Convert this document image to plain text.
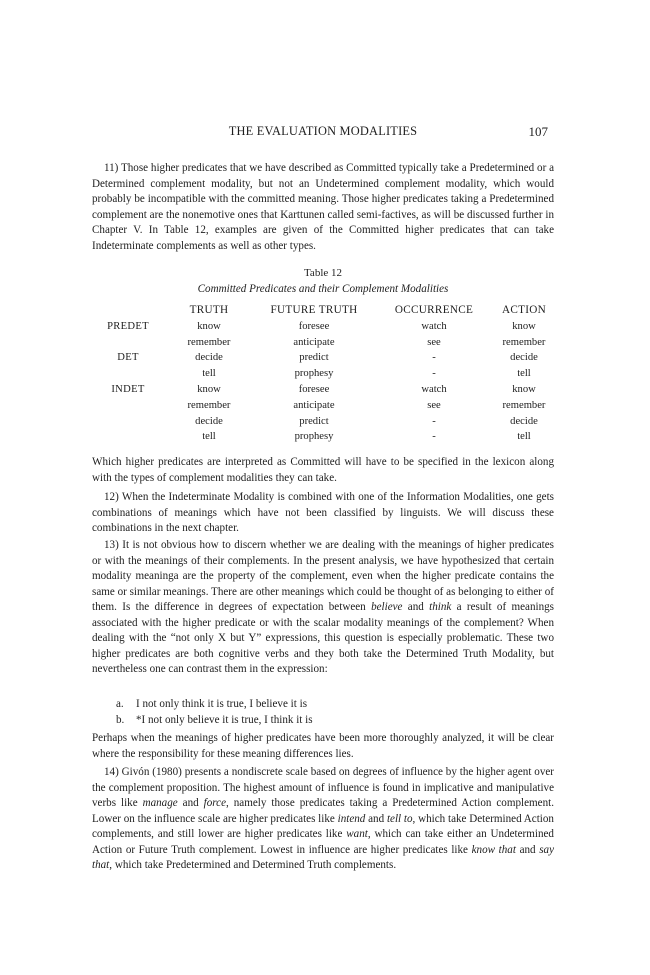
THE EVALUATION MODALITIES	107

11) Those higher predicates that we have described as Committed typically take a Predetermined or a Determined complement modality, but not an Undetermined complement modality, which would probably be incompatible with the committed meaning. Those higher predicates taking a Predetermined complement are the nonemotive ones that Karttunen called semi-factives, as will be discussed further in Chapter V. In Table 12, examples are given of the Committed higher predicates that can take Indeterminate complements as well as other types.

Table 12
Committed Predicates and their Complement Modalities
	TRUTH	FUTURE TRUTH	OCCURRENCE	ACTION
PREDET	know	foresee	watch	know
	remember	anticipate	see	remember
DET	decide	predict	-	decide
	tell	prophesy	-	tell
INDET	know	foresee	watch	know
	remember	anticipate	see	remember
	decide	predict	-	decide
	tell	prophesy	-	tell

Which higher predicates are interpreted as Committed will have to be specified in the lexicon along with the types of complement modalities they can take.

12) When the Indeterminate Modality is combined with one of the Information Modalities, one gets combinations of meanings which have not been classified by linguists. We will discuss these combinations in the next chapter.

13) It is not obvious how to discern whether we are dealing with the meanings of higher predicates or with the meanings of their complements. In the present analysis, we have hypothesized that certain modality meaninga are the property of the complement, even when the higher predicate contains the same or similar meanings. There are other meanings which could be thought of as belonging to either of them. Is the difference in degrees of expectation between believe and think a result of meanings associated with the higher predicate or with the scalar modality meanings of the complement? When dealing with the “not only X but Y” expressions, this question is especially problematic. These two higher predicates are both cognitive verbs and they both take the Determined Truth Modality, but nevertheless one can contrast them in the expression:

a. I not only think it is true, I believe it is
b. *I not only believe it is true, I think it is

Perhaps when the meanings of higher predicates have been more thoroughly analyzed, it will be clear where the responsibility for these meaning differences lies.

14) Givón (1980) presents a nondiscrete scale based on degrees of influence by the higher agent over the complement proposition. The highest amount of influence is found in implicative and manipulative verbs like manage and force, namely those predicates taking a Predetermined Action complement. Lower on the influence scale are higher predicates like intend and tell to, which take Determined Action complements, and still lower are higher predicates like want, which can take either an Undetermined Action or Future Truth complement. Lowest in influence are higher predicates like know that and say that, which take Predetermined and Determined Truth complements.
